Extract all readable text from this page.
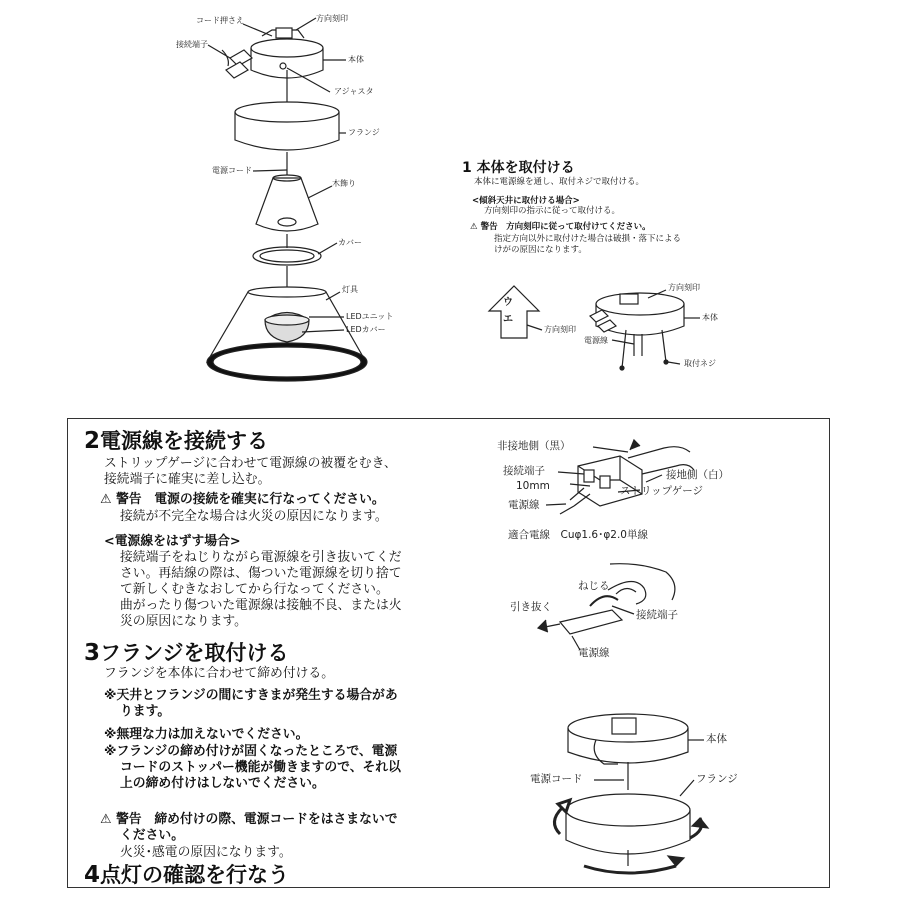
コード押さえ	方向刻印
接続端子
本体
アジャスタ
フランジ
電源コード
木飾り
カバー
灯具
LEDユニット
LEDカバー
1 本体を取付ける
本体に電源線を通し、取付ネジで取付ける。
<傾斜天井に取付ける場合>
方向刻印の指示に従って取付ける。
⚠ 警告　方向刻印に従って取付けてください。
指定方向以外に取付けた場合は破損・落下による
けがの原因になります。
ウ
エ
方向刻印
方向刻印
本体
電源線
取付ネジ
2電源線を接続する
ストリップゲージに合わせて電源線の被覆をむき、
接続端子に確実に差し込む。
⚠ 警告　電源の接続を確実に行なってください。
接続が不完全な場合は火災の原因になります。
<電源線をはずす場合>
接続端子をねじりながら電源線を引き抜いてくだ
さい。再結線の際は、傷ついた電源線を切り捨て
て新しくむきなおしてから行なってください。
曲がったり傷ついた電源線は接触不良、または火
災の原因になります。
3フランジを取付ける
フランジを本体に合わせて締め付ける。
※天井とフランジの間にすきまが発生する場合があ
ります。
※無理な力は加えないでください。
※フランジの締め付けが固くなったところで、電源
コードのストッパー機能が働きますので、それ以
上の締め付けはしないでください。
⚠ 警告　締め付けの際、電源コードをはさまないで
ください。
火災･感電の原因になります。
4点灯の確認を行なう
非接地側（黒）
接続端子	接地側（白）
10mm	ストリップゲージ
電源線
適合電線　Cuφ1.6･φ2.0単線
ねじる
引き抜く
接続端子
電源線
本体
電源コード	フランジ
